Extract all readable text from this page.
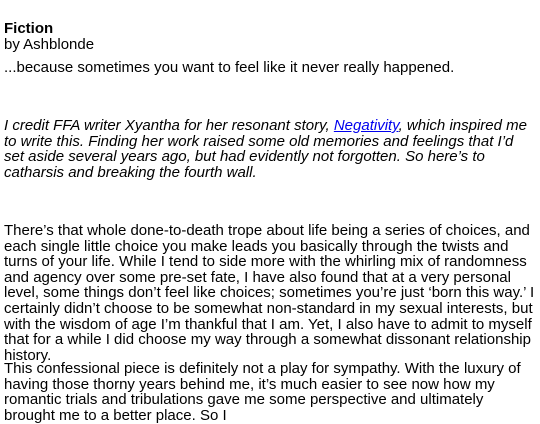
Fiction
by Ashblonde
...because sometimes you want to feel like it never really happened.

I credit FFA writer Xyantha for her resonant story, Negativity, which inspired me to write this. Finding her work raised some old memories and feelings that I’d set aside several years ago, but had evidently not forgotten. So here’s to catharsis and breaking the fourth wall.

There’s that whole done-to-death trope about life being a series of choices, and each single little choice you make leads you basically through the twists and turns of your life. While I tend to side more with the whirling mix of randomness and agency over some pre-set fate, I have also found that at a very personal level, some things don’t feel like choices; sometimes you’re just ‘born this way.’ I certainly didn’t choose to be somewhat non-standard in my sexual interests, but with the wisdom of age I’m thankful that I am. Yet, I also have to admit to myself that for a while I did choose my way through a somewhat dissonant relationship history.

This confessional piece is definitely not a play for sympathy. With the luxury of having those thorny years behind me, it’s much easier to see now how my romantic trials and tribulations gave me some perspective and ultimately brought me to a better place. So I
